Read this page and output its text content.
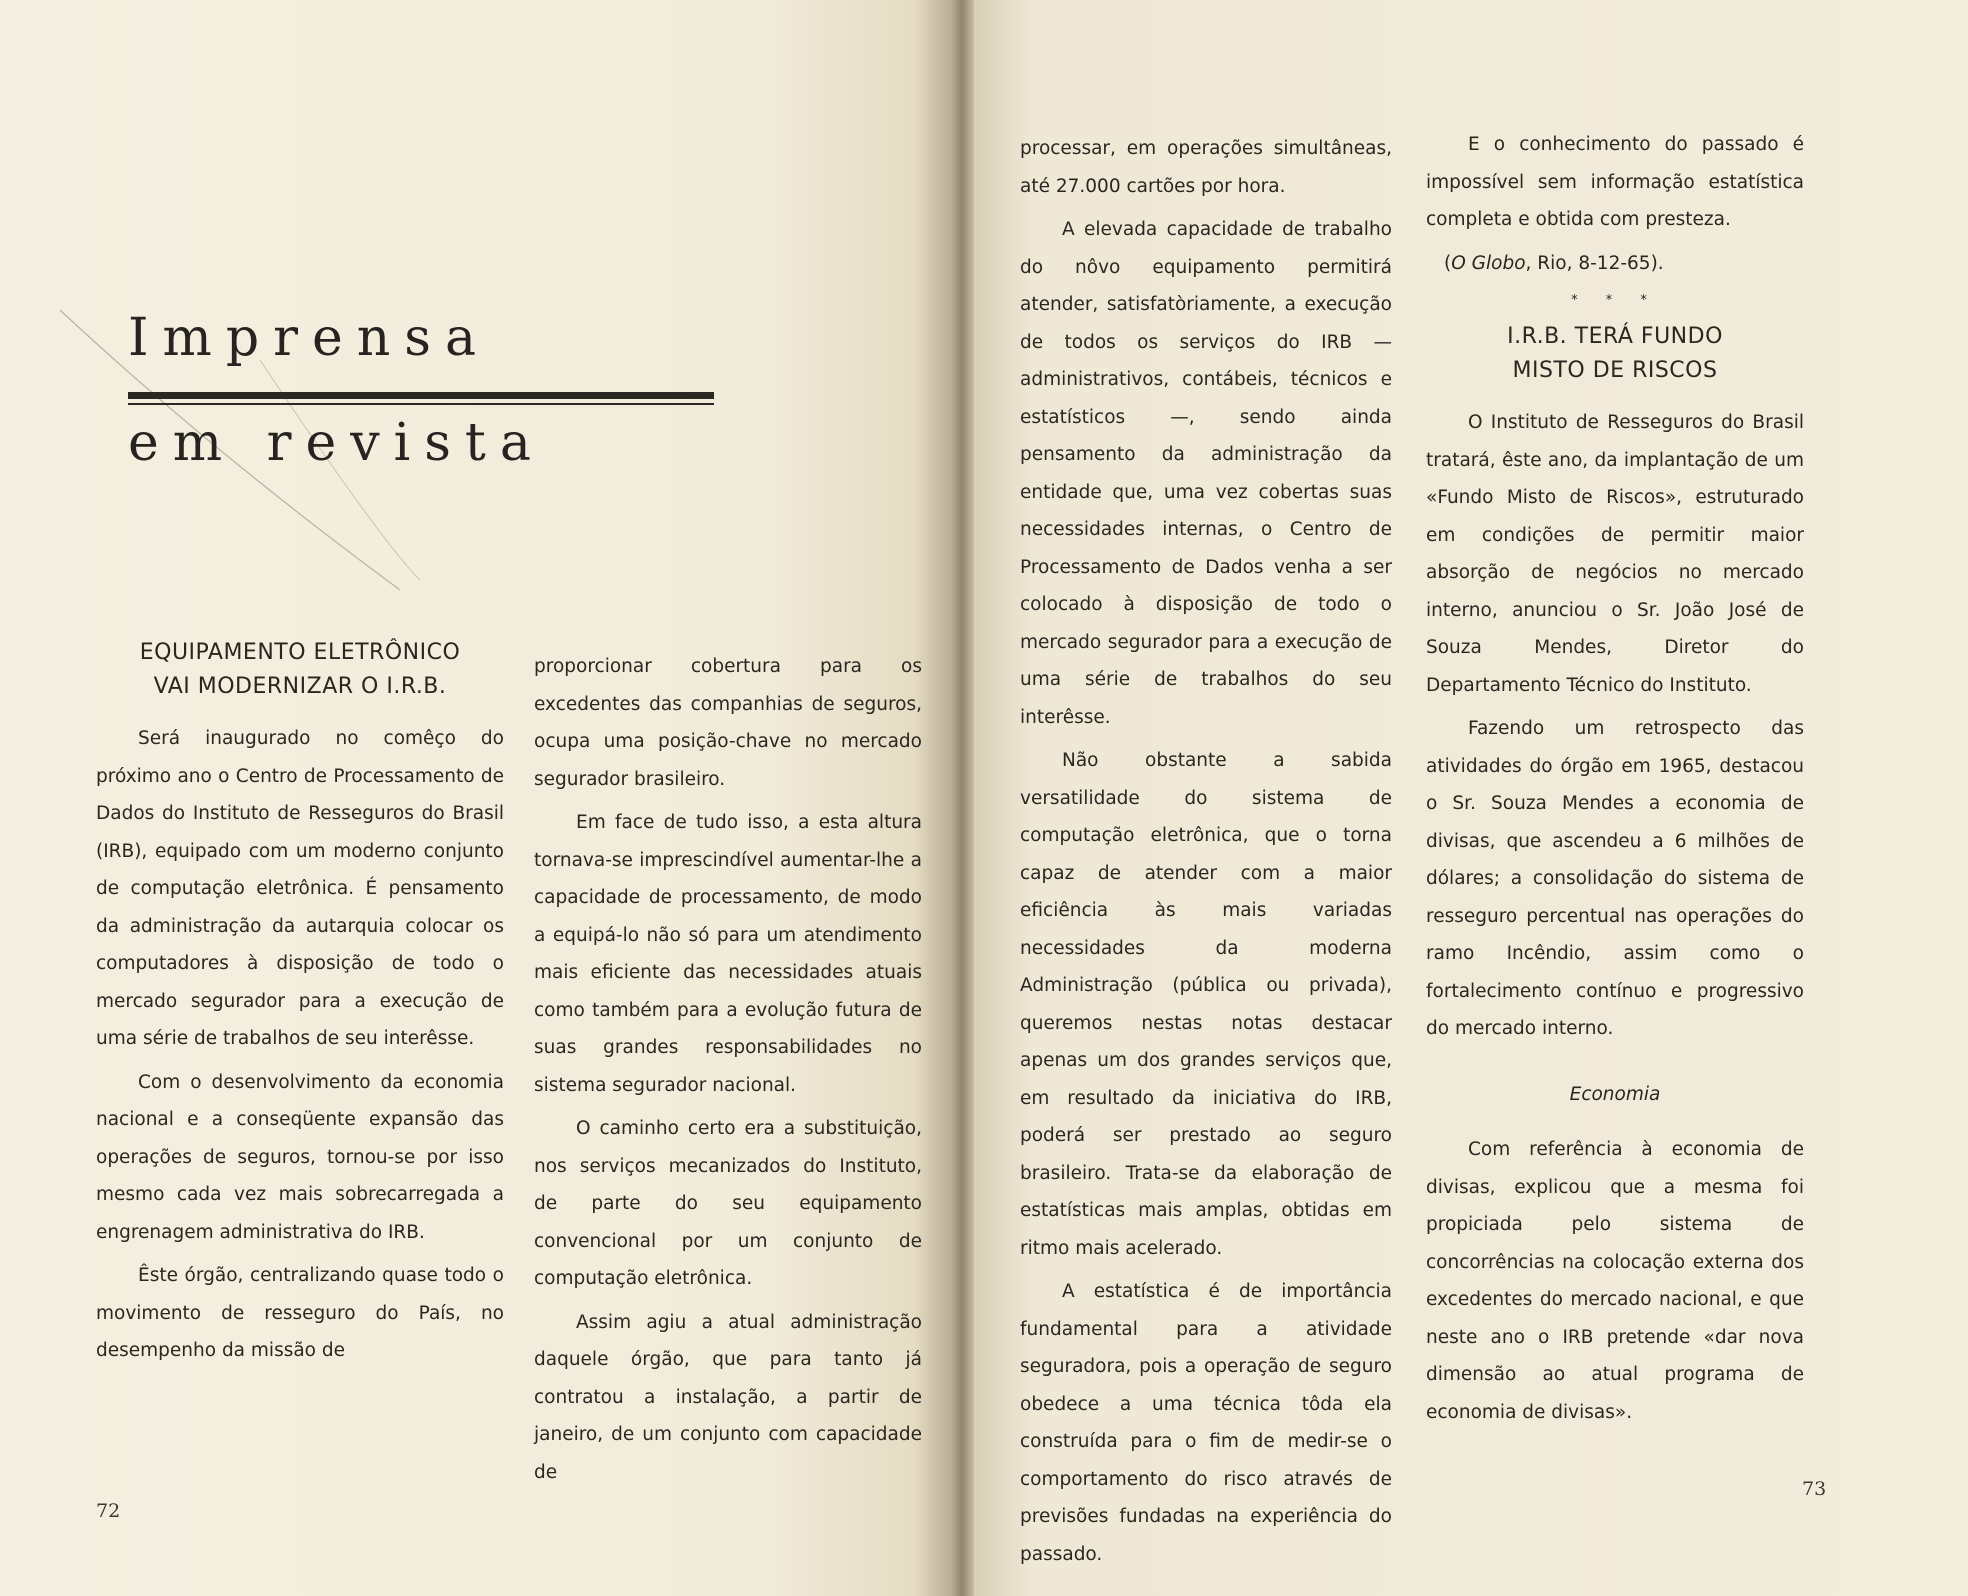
Imprensa
em revista
EQUIPAMENTO ELETRÔNICO
VAI MODERNIZAR O I.R.B.

Será inaugurado no comêço do próximo ano o Centro de Processamento de Dados do Instituto de Resseguros do Brasil (IRB), equipado com um moderno conjunto de computação eletrônica. É pensamento da administração da autarquia colocar os computadores à disposição de todo o mercado segurador para a execução de uma série de trabalhos de seu interêsse.

Com o desenvolvimento da economia nacional e a conseqüente expansão das operações de seguros, tornou-se por isso mesmo cada vez mais sobrecarregada a engrenagem administrativa do IRB.

Êste órgão, centralizando quase todo o movimento de resseguro do País, no desempenho da missão de

proporcionar cobertura para os excedentes das companhias de seguros, ocupa uma posição-chave no mercado segurador brasileiro.

Em face de tudo isso, a esta altura tornava-se imprescindível aumentar-lhe a capacidade de processamento, de modo a equipá-lo não só para um atendimento mais eficiente das necessidades atuais como também para a evolução futura de suas grandes responsabilidades no sistema segurador nacional.

O caminho certo era a substituição, nos serviços mecanizados do Instituto, de parte do seu equipamento convencional por um conjunto de computação eletrônica.

Assim agiu a atual administração daquele órgão, que para tanto já contratou a instalação, a partir de janeiro, de um conjunto com capacidade de

72

processar, em operações simultâneas, até 27.000 cartões por hora.

A elevada capacidade de trabalho do nôvo equipamento permitirá atender, satisfatòriamente, a execução de todos os serviços do IRB — administrativos, contábeis, técnicos e estatísticos —, sendo ainda pensamento da administração da entidade que, uma vez cobertas suas necessidades internas, o Centro de Processamento de Dados venha a ser colocado à disposição de todo o mercado segurador para a execução de uma série de trabalhos do seu interêsse.

Não obstante a sabida versatilidade do sistema de computação eletrônica, que o torna capaz de atender com a maior eficiência às mais variadas necessidades da moderna Administração (pública ou privada), queremos nestas notas destacar apenas um dos grandes serviços que, em resultado da iniciativa do IRB, poderá ser prestado ao seguro brasileiro. Trata-se da elaboração de estatísticas mais amplas, obtidas em ritmo mais acelerado.

A estatística é de importância fundamental para a atividade seguradora, pois a operação de seguro obedece a uma técnica tôda ela construída para o fim de medir-se o comportamento do risco através de previsões fundadas na experiência do passado.

E o conhecimento do passado é impossível sem informação estatística completa e obtida com presteza.

(O Globo, Rio, 8-12-65).

* * *
I.R.B. TERÁ FUNDO
MISTO DE RISCOS

O Instituto de Resseguros do Brasil tratará, êste ano, da implantação de um «Fundo Misto de Riscos», estruturado em condições de permitir maior absorção de negócios no mercado interno, anunciou o Sr. João José de Souza Mendes, Diretor do Departamento Técnico do Instituto.

Fazendo um retrospecto das atividades do órgão em 1965, destacou o Sr. Souza Mendes a economia de divisas, que ascendeu a 6 milhões de dólares; a consolidação do sistema de resseguro percentual nas operações do ramo Incêndio, assim como o fortalecimento contínuo e progressivo do mercado interno.

Economia

Com referência à economia de divisas, explicou que a mesma foi propiciada pelo sistema de concorrências na colocação externa dos excedentes do mercado nacional, e que neste ano o IRB pretende «dar nova dimensão ao atual programa de economia de divisas».

73
